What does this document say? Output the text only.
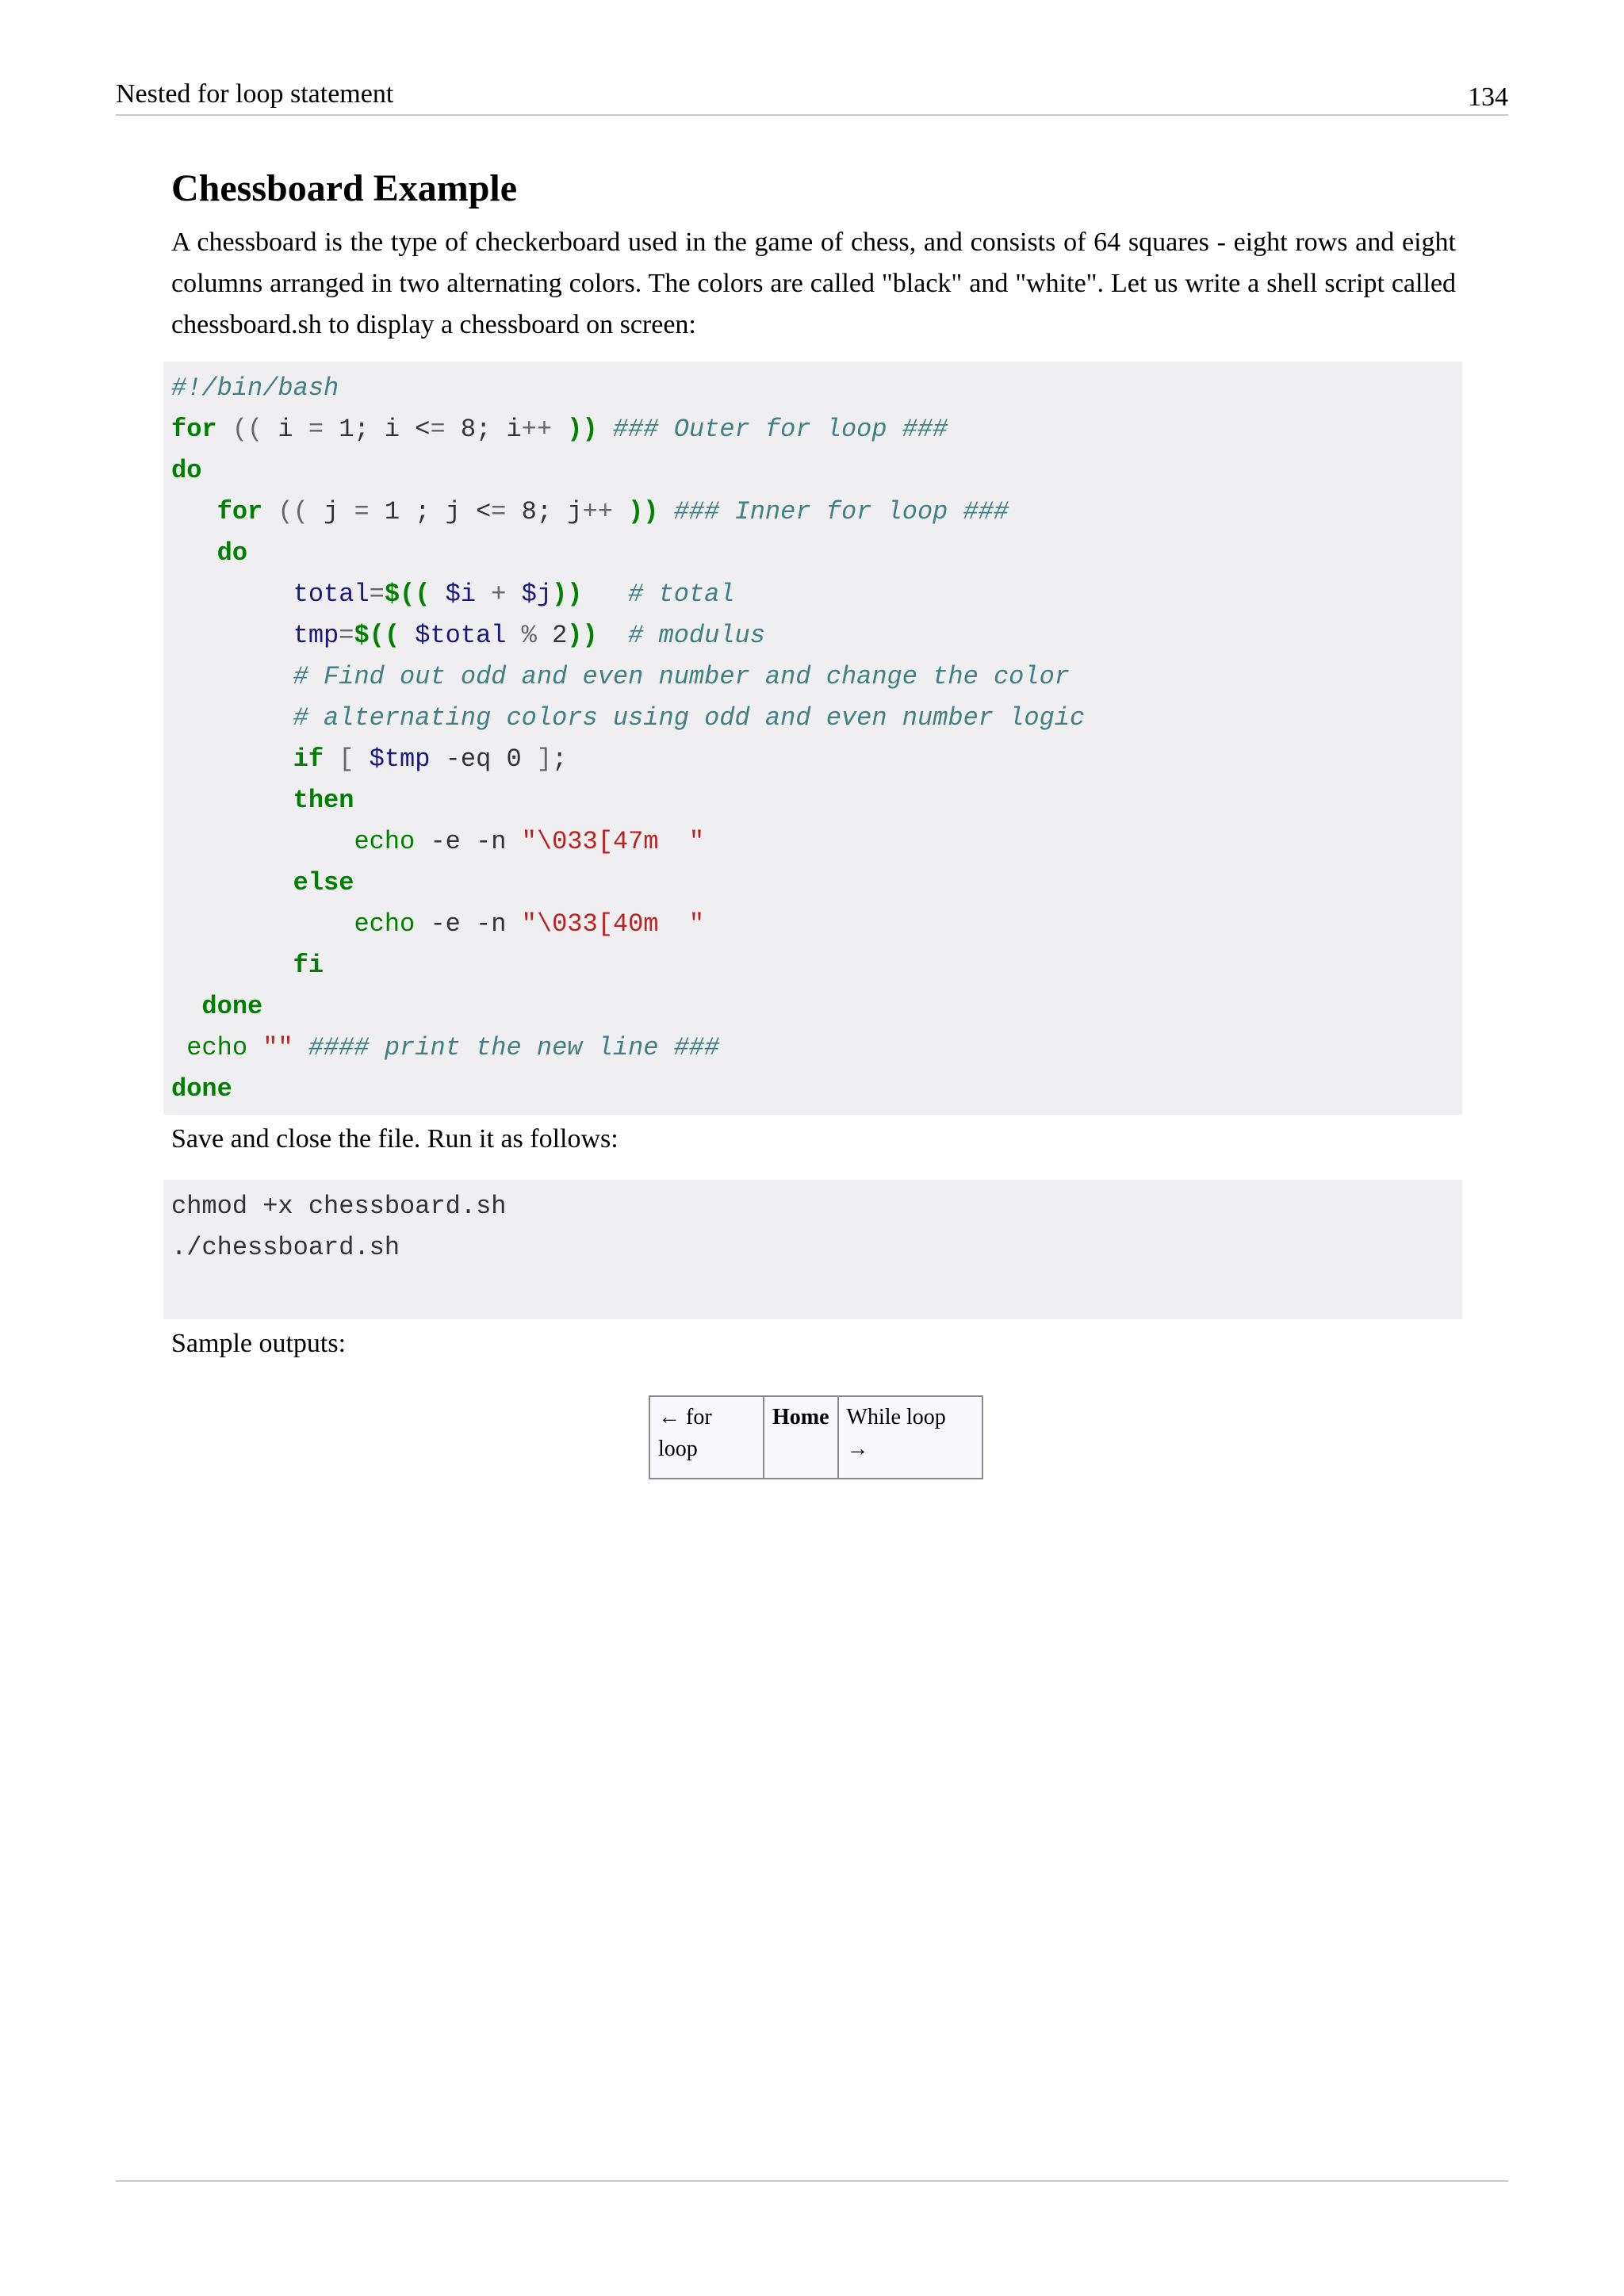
Nested for loop statement	134
Chessboard Example

A chessboard is the type of checkerboard used in the game of chess, and consists of 64 squares - eight rows and eight columns arranged in two alternating colors. The colors are called "black" and "white". Let us write a shell script called chessboard.sh to display a chessboard on screen:

#!/bin/bash
for (( i = 1; i <= 8; i++ )) ### Outer for loop ###
do
for (( j = 1 ; j <= 8; j++ )) ### Inner for loop ###
do
total=$(( $i + $j)) # total
tmp=$(( $total % 2)) # modulus
# Find out odd and even number and change the color
# alternating colors using odd and even number logic
if [ $tmp -eq 0 ];
then
echo -e -n "\033[47m  "
else
echo -e -n "\033[40m  "
fi
done
echo "" #### print the new line ###
done

Save and close the file. Run it as follows:

chmod +x chessboard.sh
./chessboard.sh

Sample outputs:
← for loop	Home	While loop →
